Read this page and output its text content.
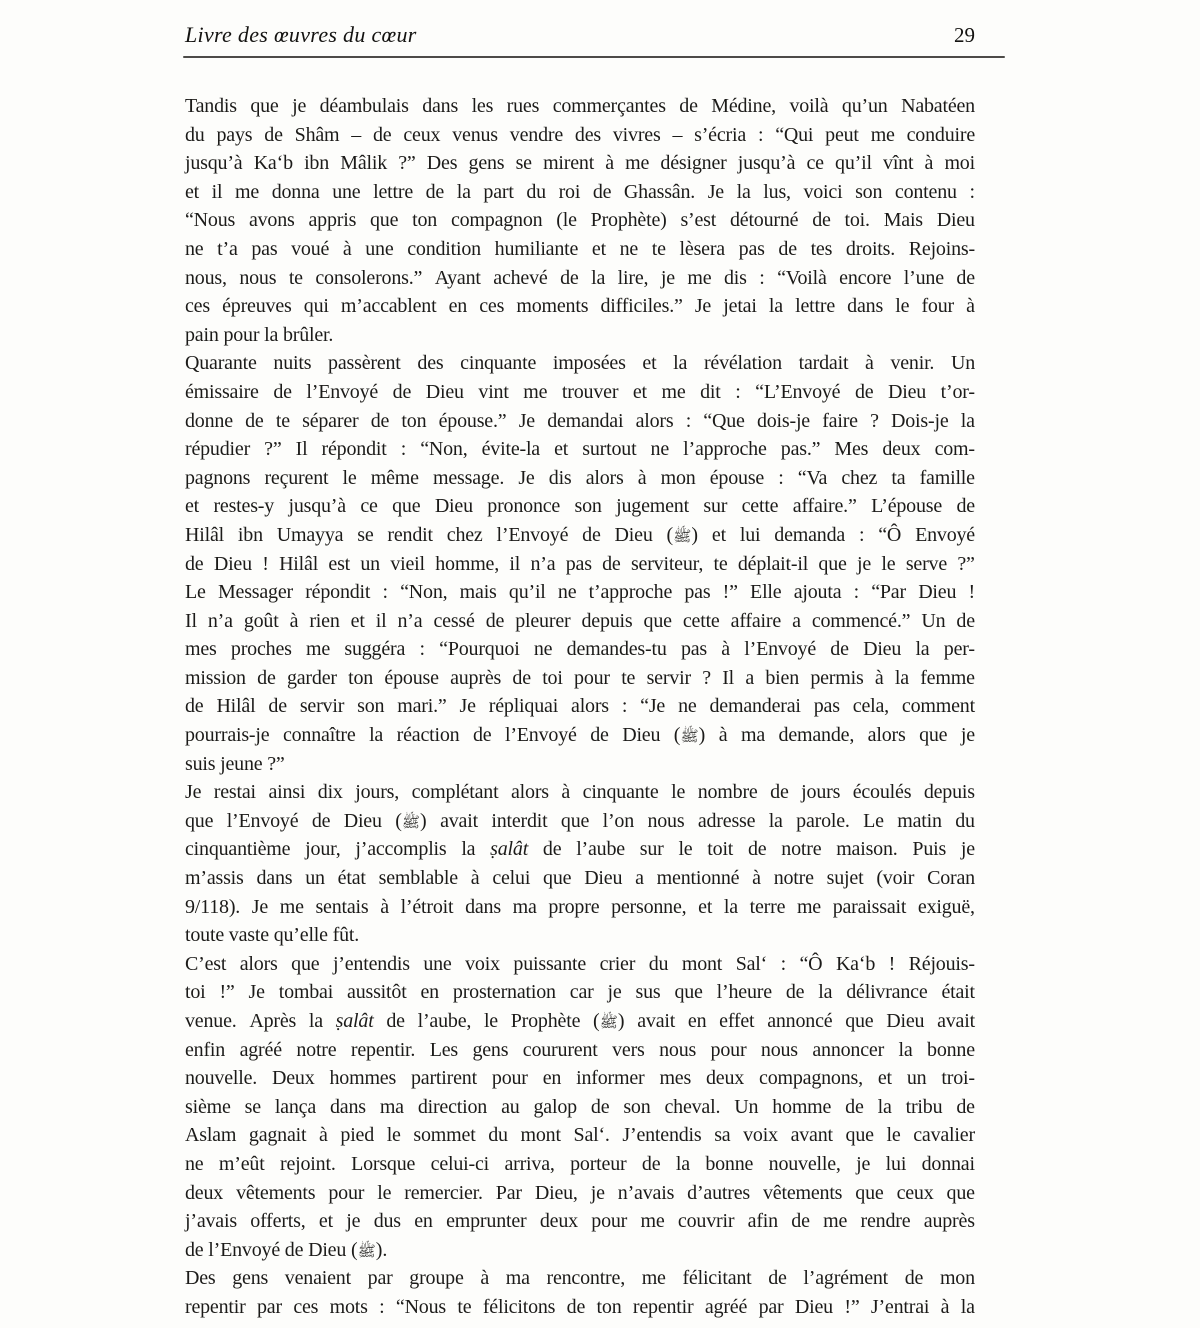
Livre des œuvres du cœur	29
Tandis que je déambulais dans les rues commerçantes de Médine, voilà qu’un Nabatéen
du pays de Shâm – de ceux venus vendre des vivres – s’écria : “Qui peut me conduire
jusqu’à Ka‘b ibn Mâlik ?” Des gens se mirent à me désigner jusqu’à ce qu’il vînt à moi
et il me donna une lettre de la part du roi de Ghassân. Je la lus, voici son contenu :
“Nous avons appris que ton compagnon (le Prophète) s’est détourné de toi. Mais Dieu
ne t’a pas voué à une condition humiliante et ne te lèsera pas de tes droits. Rejoins-
nous, nous te consolerons.” Ayant achevé de la lire, je me dis : “Voilà encore l’une de
ces épreuves qui m’accablent en ces moments difficiles.” Je jetai la lettre dans le four à
pain pour la brûler.
Quarante nuits passèrent des cinquante imposées et la révélation tardait à venir. Un
émissaire de l’Envoyé de Dieu vint me trouver et me dit : “L’Envoyé de Dieu t’or-
donne de te séparer de ton épouse.” Je demandai alors : “Que dois-je faire ? Dois-je la
répudier ?” Il répondit : “Non, évite-la et surtout ne l’approche pas.” Mes deux com-
pagnons reçurent le même message. Je dis alors à mon épouse : “Va chez ta famille
et restes-y jusqu’à ce que Dieu prononce son jugement sur cette affaire.” L’épouse de
Hilâl ibn Umayya se rendit chez l’Envoyé de Dieu (ﷺ) et lui demanda : “Ô Envoyé
de Dieu ! Hilâl est un vieil homme, il n’a pas de serviteur, te déplait-il que je le serve ?”
Le Messager répondit : “Non, mais qu’il ne t’approche pas !” Elle ajouta : “Par Dieu !
Il n’a goût à rien et il n’a cessé de pleurer depuis que cette affaire a commencé.” Un de
mes proches me suggéra : “Pourquoi ne demandes-tu pas à l’Envoyé de Dieu la per-
mission de garder ton épouse auprès de toi pour te servir ? Il a bien permis à la femme
de Hilâl de servir son mari.” Je répliquai alors : “Je ne demanderai pas cela, comment
pourrais-je connaître la réaction de l’Envoyé de Dieu (ﷺ) à ma demande, alors que je
suis jeune ?”
Je restai ainsi dix jours, complétant alors à cinquante le nombre de jours écoulés depuis
que l’Envoyé de Dieu (ﷺ) avait interdit que l’on nous adresse la parole. Le matin du
cinquantième jour, j’accomplis la ṣalât de l’aube sur le toit de notre maison. Puis je
m’assis dans un état semblable à celui que Dieu a mentionné à notre sujet (voir Coran
9/118). Je me sentais à l’étroit dans ma propre personne, et la terre me paraissait exiguë,
toute vaste qu’elle fût.
C’est alors que j’entendis une voix puissante crier du mont Sal‘ : “Ô Ka‘b ! Réjouis-
toi !” Je tombai aussitôt en prosternation car je sus que l’heure de la délivrance était
venue. Après la ṣalât de l’aube, le Prophète (ﷺ) avait en effet annoncé que Dieu avait
enfin agréé notre repentir. Les gens coururent vers nous pour nous annoncer la bonne
nouvelle. Deux hommes partirent pour en informer mes deux compagnons, et un troi-
sième se lança dans ma direction au galop de son cheval. Un homme de la tribu de
Aslam gagnait à pied le sommet du mont Sal‘. J’entendis sa voix avant que le cavalier
ne m’eût rejoint. Lorsque celui-ci arriva, porteur de la bonne nouvelle, je lui donnai
deux vêtements pour le remercier. Par Dieu, je n’avais d’autres vêtements que ceux que
j’avais offerts, et je dus en emprunter deux pour me couvrir afin de me rendre auprès
de l’Envoyé de Dieu (ﷺ).
Des gens venaient par groupe à ma rencontre, me félicitant de l’agrément de mon
repentir par ces mots : “Nous te félicitons de ton repentir agréé par Dieu !” J’entrai à la
